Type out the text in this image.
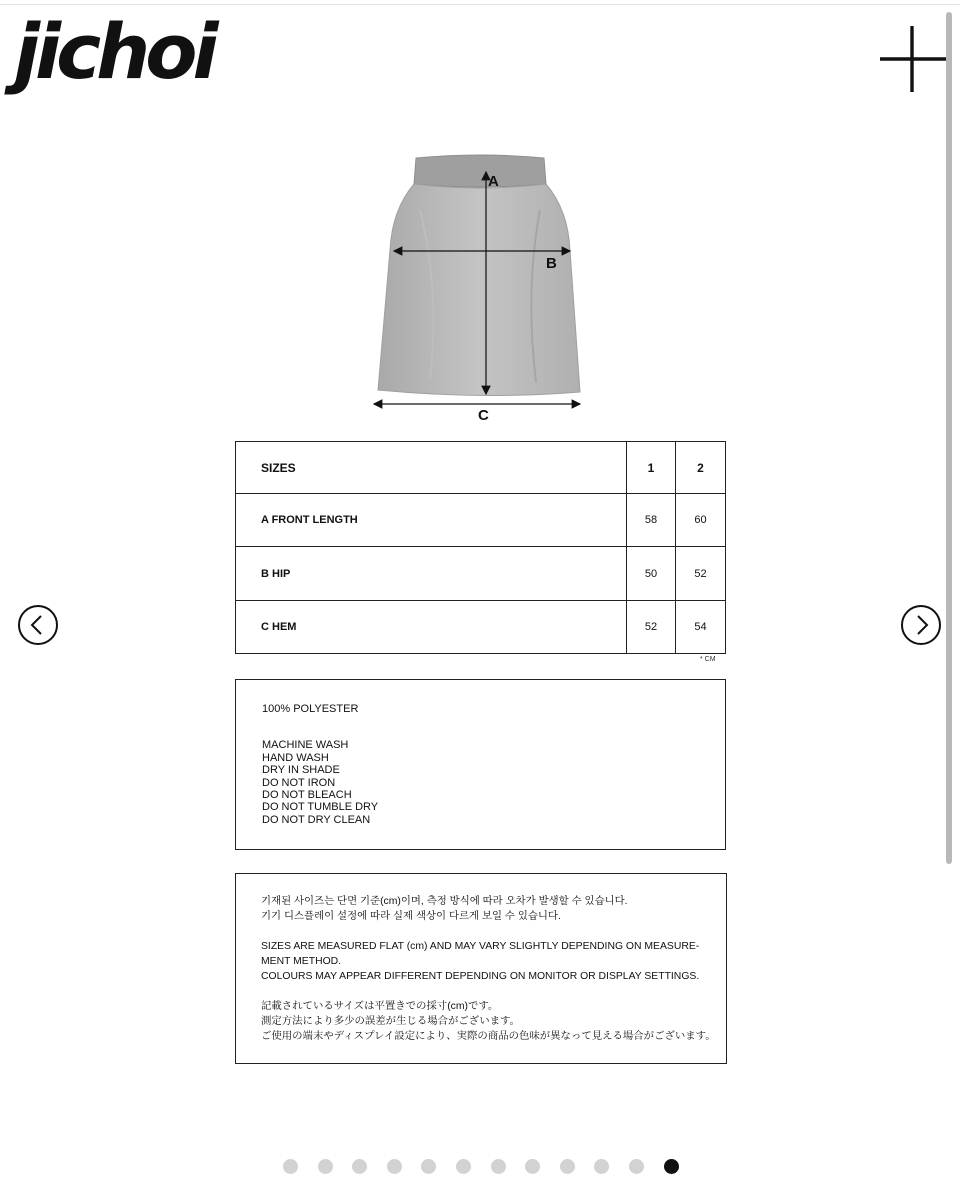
jichoi
A
B
C
SIZES	1	2
A FRONT LENGTH	58	60
B HIP	50	52
C HEM	52	54
* CM
100% POLYESTER
MACHINE WASH
HAND WASH
DRY IN SHADE
DO NOT IRON
DO NOT BLEACH
DO NOT TUMBLE DRY
DO NOT DRY CLEAN
기재된 사이즈는 단면 기준(cm)이며, 측정 방식에 따라 오차가 발생할 수 있습니다.
기기 디스플레이 설정에 따라 실제 색상이 다르게 보일 수 있습니다.
SIZES ARE MEASURED FLAT (cm) AND MAY VARY SLIGHTLY DEPENDING ON MEASURE-
MENT METHOD.
COLOURS MAY APPEAR DIFFERENT DEPENDING ON MONITOR OR DISPLAY SETTINGS.
記載されているサイズは平置きでの採寸(cm)です。
測定方法により多少の誤差が生じる場合がございます。
ご使用の端末やディスプレイ設定により、実際の商品の色味が異なって見える場合がございます。
